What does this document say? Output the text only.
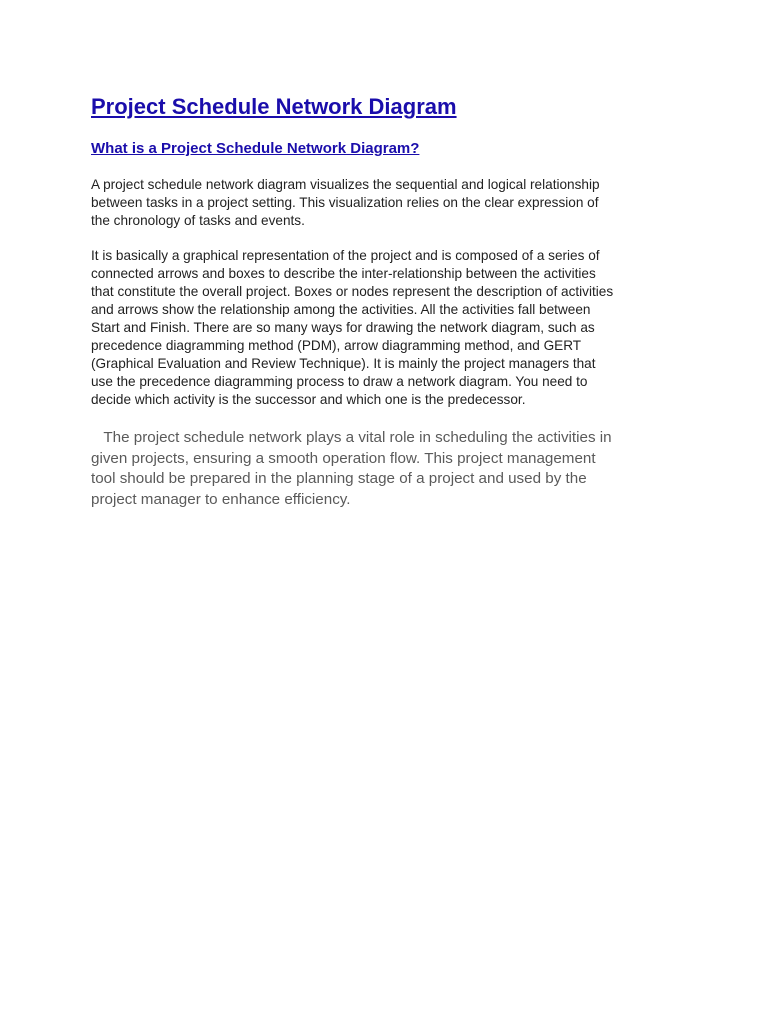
Project Schedule Network Diagram
What is a Project Schedule Network Diagram?

A project schedule network diagram visualizes the sequential and logical relationship
between tasks in a project setting. This visualization relies on the clear expression of
the chronology of tasks and events.

It is basically a graphical representation of the project and is composed of a series of
connected arrows and boxes to describe the inter-relationship between the activities
that constitute the overall project. Boxes or nodes represent the description of activities
and arrows show the relationship among the activities. All the activities fall between
Start and Finish. There are so many ways for drawing the network diagram, such as
precedence diagramming method (PDM), arrow diagramming method, and GERT
(Graphical Evaluation and Review Technique). It is mainly the project managers that
use the precedence diagramming process to draw a network diagram. You need to
decide which activity is the successor and which one is the predecessor.

The project schedule network plays a vital role in scheduling the activities in
given projects, ensuring a smooth operation flow. This project management
tool should be prepared in the planning stage of a project and used by the
project manager to enhance efficiency.
